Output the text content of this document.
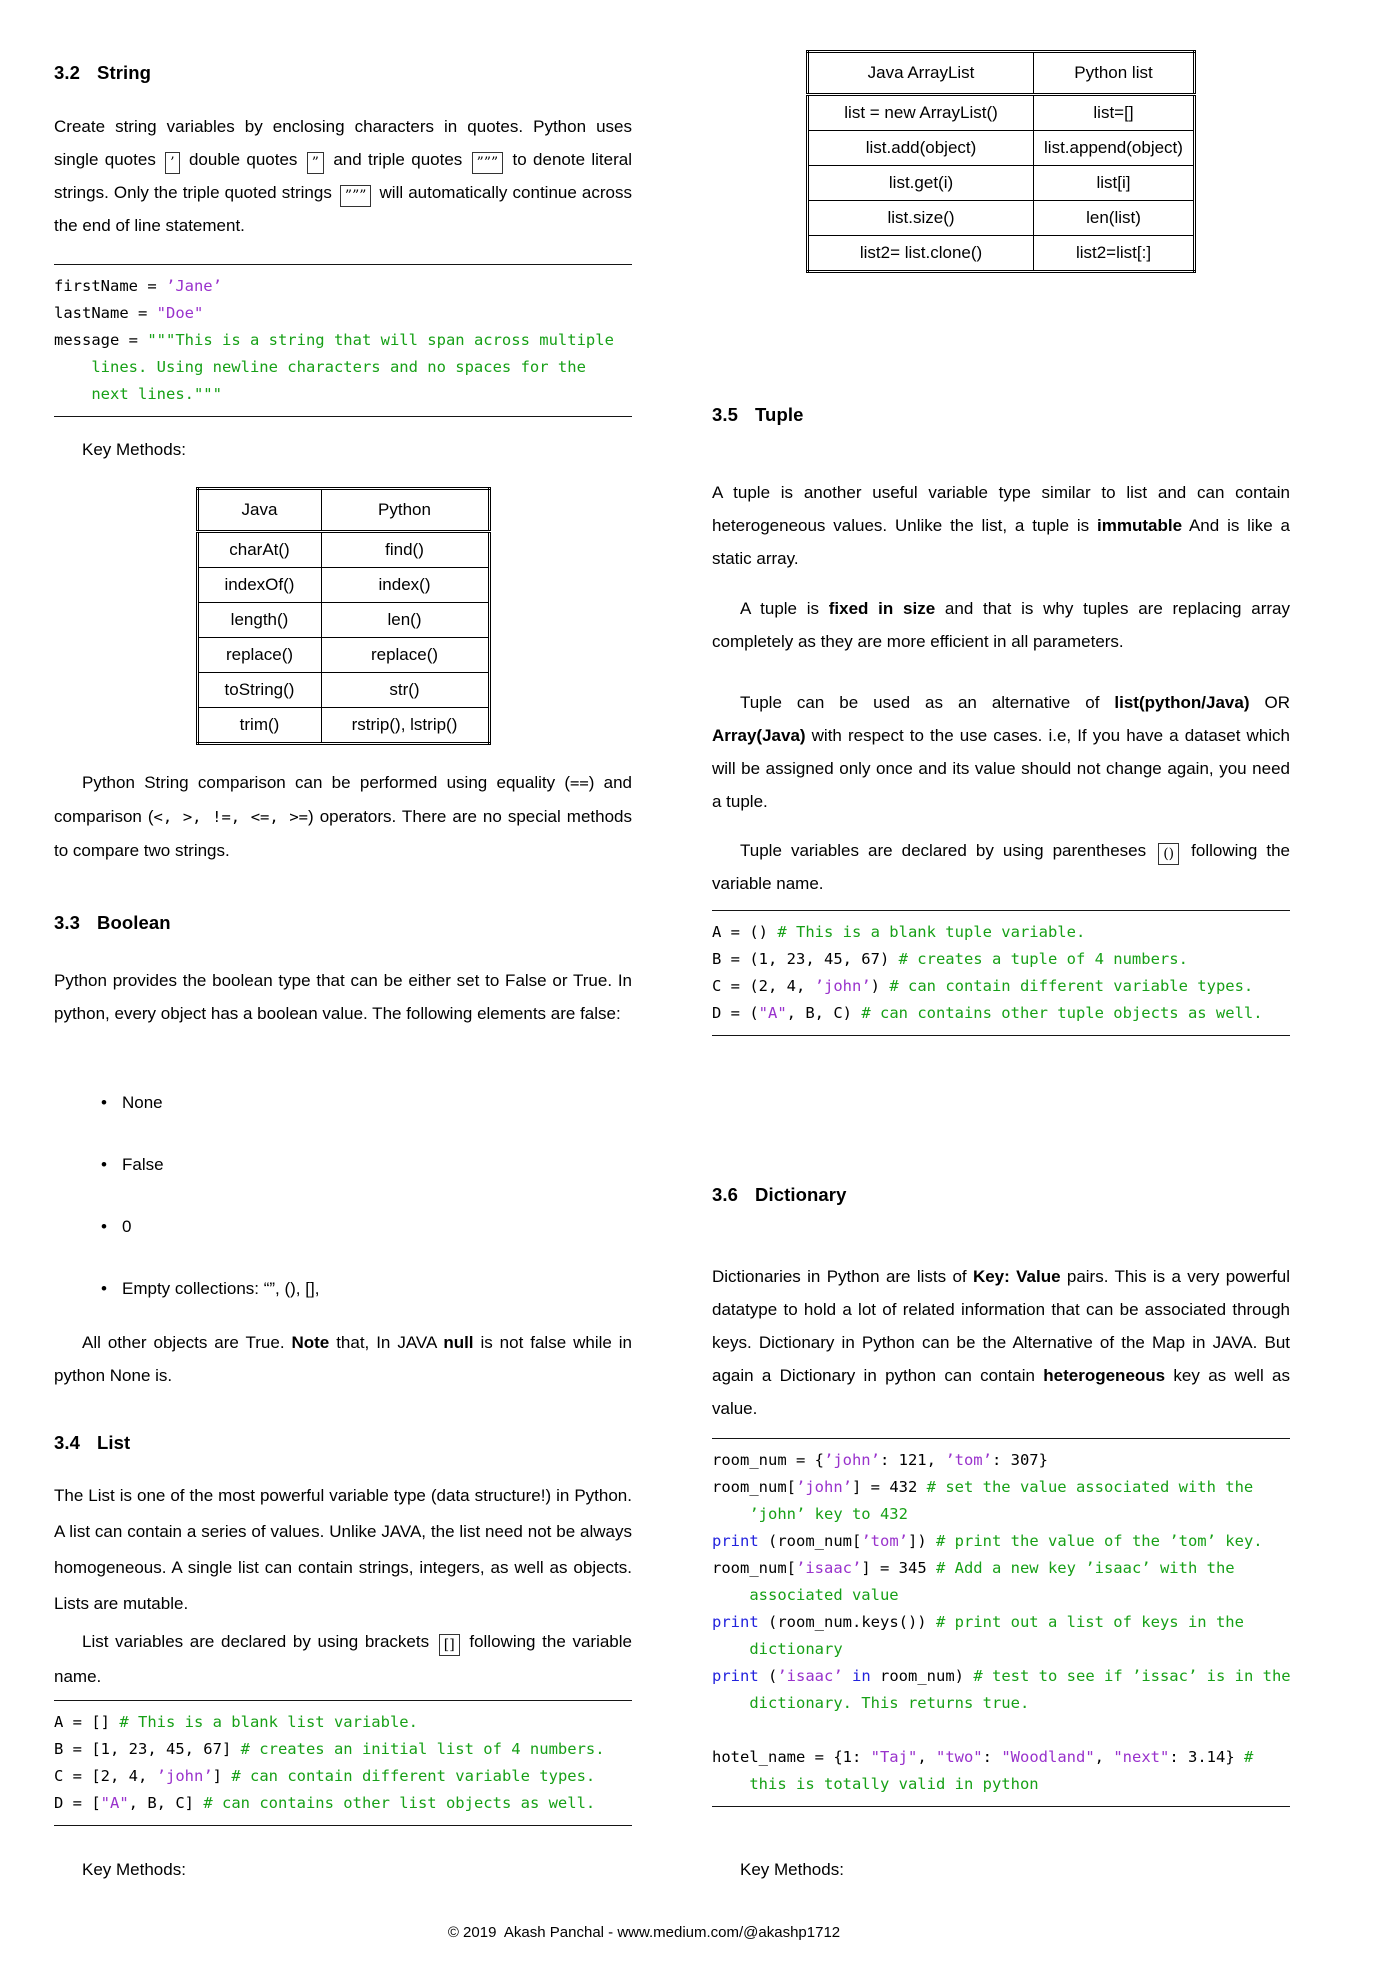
3.2 String

Create string variables by enclosing characters in quotes. Python uses single quotes ’ double quotes ” and triple quotes ””” to denote literal strings. Only the triple quoted strings ””” will automatically continue across the end of line statement.

firstName = ’Jane’
lastName = "Doe"
message = """This is a string that will span across multiple
lines. Using newline characters and no spaces for the
next lines."""

Key Methods:

Java	Python
charAt()	find()
indexOf()	index()
length()	len()
replace()	replace()
toString()	str()
trim()	rstrip(), lstrip()

Python String comparison can be performed using equality (==) and comparison (<, >, !=, <=, >=) operators. There are no special methods to compare two strings.

3.3 Boolean

Python provides the boolean type that can be either set to False or True. In python, every object has a boolean value. The following elements are false:

• None
• False
• 0
• Empty collections: “”, (), [],

All other objects are True. Note that, In JAVA null is not false while in python None is.

3.4 List

The List is one of the most powerful variable type (data structure!) in Python. A list can contain a series of values. Unlike JAVA, the list need not be always homogeneous. A single list can contain strings, integers, as well as objects. Lists are mutable.

List variables are declared by using brackets [] following the variable name.

A = [] # This is a blank list variable.
B = [1, 23, 45, 67] # creates an initial list of 4 numbers.
C = [2, 4, ’john’] # can contain different variable types.
D = ["A", B, C] # can contains other list objects as well.

Key Methods:

Java ArrayList	Python list
list = new ArrayList()	list=[]
list.add(object)	list.append(object)
list.get(i)	list[i]
list.size()	len(list)
list2= list.clone()	list2=list[:]
3.5 Tuple

A tuple is another useful variable type similar to list and can contain heterogeneous values. Unlike the list, a tuple is immutable And is like a static array.

A tuple is fixed in size and that is why tuples are replacing array completely as they are more efficient in all parameters.

Tuple can be used as an alternative of list(python/Java) OR Array(Java) with respect to the use cases. i.e, If you have a dataset which will be assigned only once and its value should not change again, you need a tuple.

Tuple variables are declared by using parentheses () following the variable name.

A = () # This is a blank tuple variable.
B = (1, 23, 45, 67) # creates a tuple of 4 numbers.
C = (2, 4, ’john’) # can contain different variable types.
D = ("A", B, C) # can contains other tuple objects as well.
3.6 Dictionary

Dictionaries in Python are lists of Key: Value pairs. This is a very powerful datatype to hold a lot of related information that can be associated through keys. Dictionary in Python can be the Alternative of the Map in JAVA. But again a Dictionary in python can contain heterogeneous key as well as value.

room_num = {’john’: 121, ’tom’: 307}
room_num[’john’] = 432 # set the value associated with the
’john’ key to 432
print (room_num[’tom’]) # print the value of the ’tom’ key.
room_num[’isaac’] = 345 # Add a new key ’isaac’ with the
associated value
print (room_num.keys()) # print out a list of keys in the
dictionary
print (’isaac’ in room_num) # test to see if ’issac’ is in the
dictionary. This returns true.

hotel_name = {1: "Taj", "two": "Woodland", "next": 3.14} #
this is totally valid in python

Key Methods:

© 2019  Akash Panchal - www.medium.com/@akashp1712
